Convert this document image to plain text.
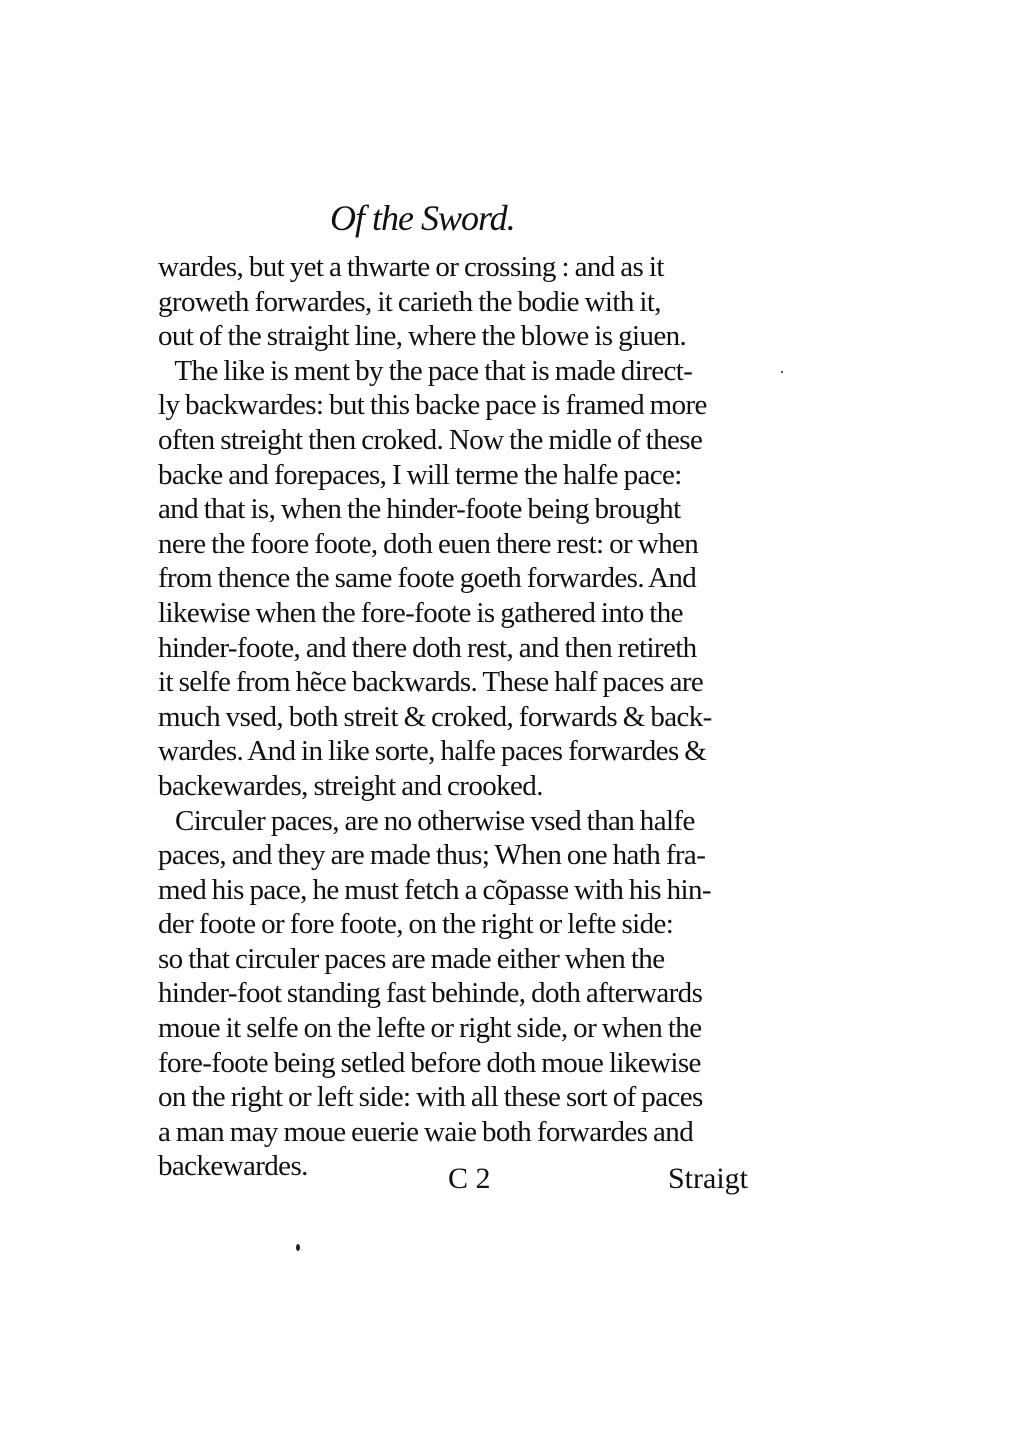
Of the Sword.
wardes, but yet a thwarte or crossing : and as it
groweth forwardes, it carieth the bodie with it,
out of the straight line, where the blowe is giuen.
The like is ment by the pace that is made direct-
ly backwardes: but this backe pace is framed more
often streight then croked. Now the midle of these
backe and forepaces, I will terme the halfe pace:
and that is, when the hinder-foote being brought
nere the foore foote, doth euen there rest: or when
from thence the same foote goeth forwardes. And
likewise when the fore-foote is gathered into the
hinder-foote, and there doth rest, and then retireth
it selfe from hẽce backwards. These half paces are
much vsed, both streit & croked, forwards & back-
wardes. And in like sorte, halfe paces forwardes &
backewardes, streight and crooked.
Circuler paces, are no otherwise vsed than halfe
paces, and they are made thus; When one hath fra-
med his pace, he must fetch a cõpasse with his hin-
der foote or fore foote, on the right or lefte side:
so that circuler paces are made either when the
hinder-foot standing fast behinde, doth afterwards
moue it selfe on the lefte or right side, or when the
fore-foote being setled before doth moue likewise
on the right or left side: with all these sort of paces
a man may moue euerie waie both forwardes and
backewardes.	C 2	Straigt
